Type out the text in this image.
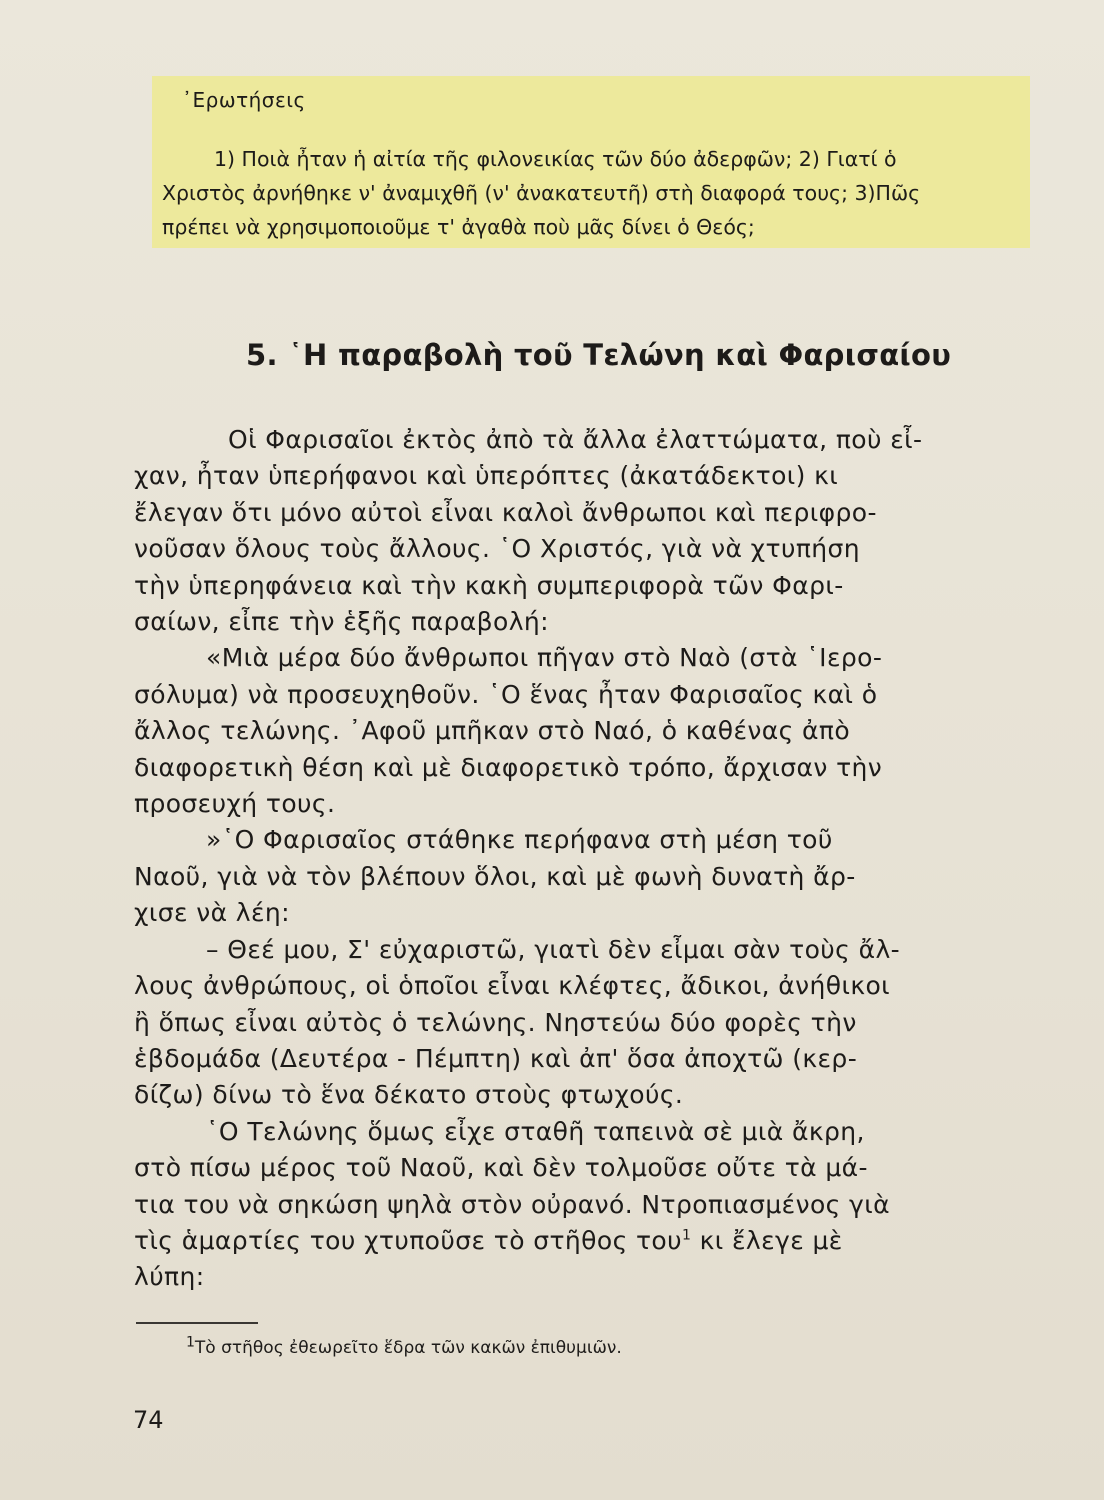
᾿Ερωτήσεις
1) Ποιὰ ἦταν ἡ αἰτία τῆς φιλονεικίας τῶν δύο ἀδερφῶν; 2) Γιατί ὁ
Χριστὸς ἀρνήθηκε ν' ἀναμιχθῆ (ν' ἀνακατευτῆ) στὴ διαφορά τους; 3)Πῶς
πρέπει νὰ χρησιμοποιοῦμε τ' ἀγαθὰ ποὺ μᾶς δίνει ὁ Θεός;
5. ῾Η παραβολὴ τοῦ Τελώνη καὶ Φαρισαίου
Οἱ Φαρισαῖοι ἐκτὸς ἀπὸ τὰ ἄλλα ἐλαττώματα, ποὺ εἶ-
χαν, ἦταν ὑπερήφανοι καὶ ὑπερόπτες (ἀκατάδεκτοι) κι
ἔλεγαν ὅτι μόνο αὐτοὶ εἶναι καλοὶ ἄνθρωποι καὶ περιφρο-
νοῦσαν ὅλους τοὺς ἄλλους. ῾Ο Χριστός, γιὰ νὰ χτυπήση
τὴν ὑπερηφάνεια καὶ τὴν κακὴ συμπεριφορὰ τῶν Φαρι-
σαίων, εἶπε τὴν ἑξῆς παραβολή:
«Μιὰ μέρα δύο ἄνθρωποι πῆγαν στὸ Ναὸ (στὰ ῾Ιερο-
σόλυμα) νὰ προσευχηθοῦν. ῾Ο ἕνας ἦταν Φαρισαῖος καὶ ὁ
ἄλλος τελώνης. ᾿Αφοῦ μπῆκαν στὸ Ναό, ὁ καθένας ἀπὸ
διαφορετικὴ θέση καὶ μὲ διαφορετικὸ τρόπο, ἄρχισαν τὴν
προσευχή τους.
»῾Ο Φαρισαῖος στάθηκε περήφανα στὴ μέση τοῦ
Ναοῦ, γιὰ νὰ τὸν βλέπουν ὅλοι, καὶ μὲ φωνὴ δυνατὴ ἄρ-
χισε νὰ λέη:
– Θεέ μου, Σ' εὐχαριστῶ, γιατὶ δὲν εἶμαι σὰν τοὺς ἄλ-
λους ἀνθρώπους, οἱ ὁποῖοι εἶναι κλέφτες, ἄδικοι, ἀνήθικοι
ἢ ὅπως εἶναι αὐτὸς ὁ τελώνης. Νηστεύω δύο φορὲς τὴν
ἑβδομάδα (Δευτέρα - Πέμπτη) καὶ ἀπ' ὅσα ἀποχτῶ (κερ-
δίζω) δίνω τὸ ἕνα δέκατο στοὺς φτωχούς.
῾Ο Τελώνης ὅμως εἶχε σταθῆ ταπεινὰ σὲ μιὰ ἄκρη,
στὸ πίσω μέρος τοῦ Ναοῦ, καὶ δὲν τολμοῦσε οὔτε τὰ μά-
τια του νὰ σηκώση ψηλὰ στὸν οὐρανό. Ντροπιασμένος γιὰ
τὶς ἁμαρτίες του χτυποῦσε τὸ στῆθος του$^1$ κι ἔλεγε μὲ
λύπη:
$^1$Τὸ στῆθος ἐθεωρεῖτο ἕδρα τῶν κακῶν ἐπιθυμιῶν.
74
